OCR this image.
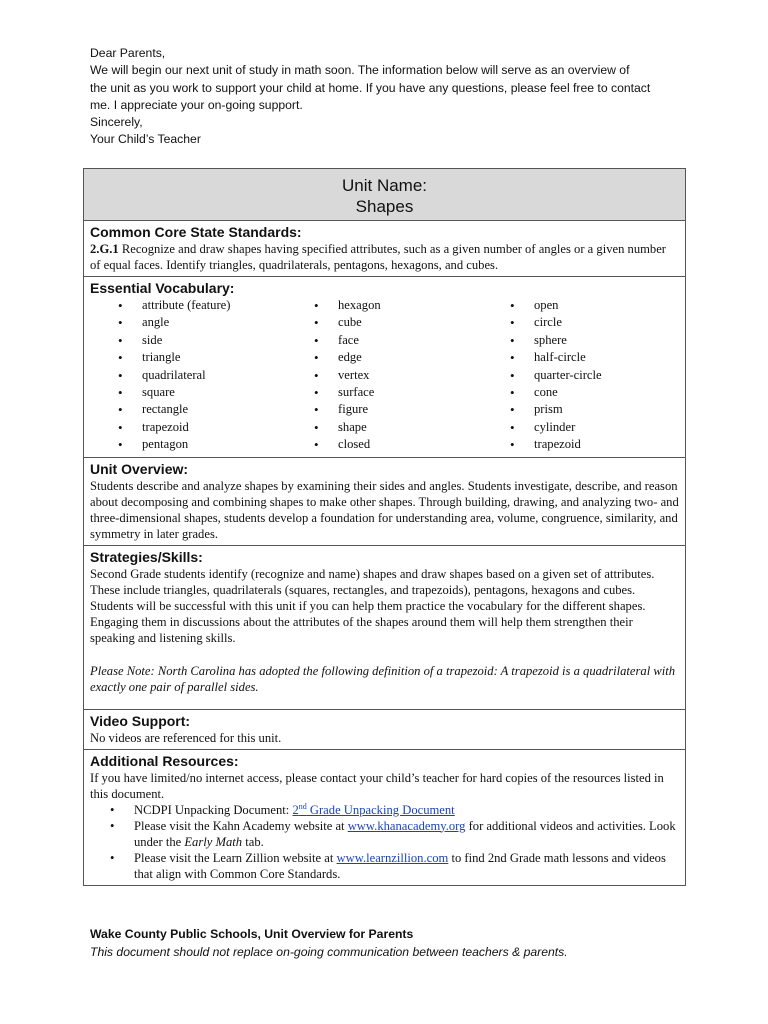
Dear Parents,
We will begin our next unit of study in math soon. The information below will serve as an overview of
the unit as you work to support your child at home. If you have any questions, please feel free to contact
me. I appreciate your on-going support.
Sincerely,
Your Child’s Teacher
Unit Name:
Shapes
Common Core State Standards:
2.G.1 Recognize and draw shapes having specified attributes, such as a given number of angles or a given number of equal faces. Identify triangles, quadrilaterals, pentagons, hexagons, and cubes.
Essential Vocabulary:
• attribute (feature)
• angle
• side
• triangle
• quadrilateral
• square
• rectangle
• trapezoid
• pentagon
• hexagon
• cube
• face
• edge
• vertex
• surface
• figure
• shape
• closed
• open
• circle
• sphere
• half-circle
• quarter-circle
• cone
• prism
• cylinder
• trapezoid
Unit Overview:
Students describe and analyze shapes by examining their sides and angles. Students investigate, describe, and reason about decomposing and combining shapes to make other shapes. Through building, drawing, and analyzing two- and three-dimensional shapes, students develop a foundation for understanding area, volume, congruence, similarity, and symmetry in later grades.
Strategies/Skills:
Second Grade students identify (recognize and name) shapes and draw shapes based on a given set of attributes. These include triangles, quadrilaterals (squares, rectangles, and trapezoids), pentagons, hexagons and cubes. Students will be successful with this unit if you can help them practice the vocabulary for the different shapes. Engaging them in discussions about the attributes of the shapes around them will help them strengthen their speaking and listening skills.
Please Note: North Carolina has adopted the following definition of a trapezoid: A trapezoid is a quadrilateral with exactly one pair of parallel sides.
Video Support:
No videos are referenced for this unit.
Additional Resources:
If you have limited/no internet access, please contact your child’s teacher for hard copies of the resources listed in this document.
• NCDPI Unpacking Document: 2nd Grade Unpacking Document
• Please visit the Kahn Academy website at www.khanacademy.org for additional videos and activities. Look under the Early Math tab.
• Please visit the Learn Zillion website at www.learnzillion.com to find 2nd Grade math lessons and videos that align with Common Core Standards.
Wake County Public Schools, Unit Overview for Parents
This document should not replace on-going communication between teachers & parents.
